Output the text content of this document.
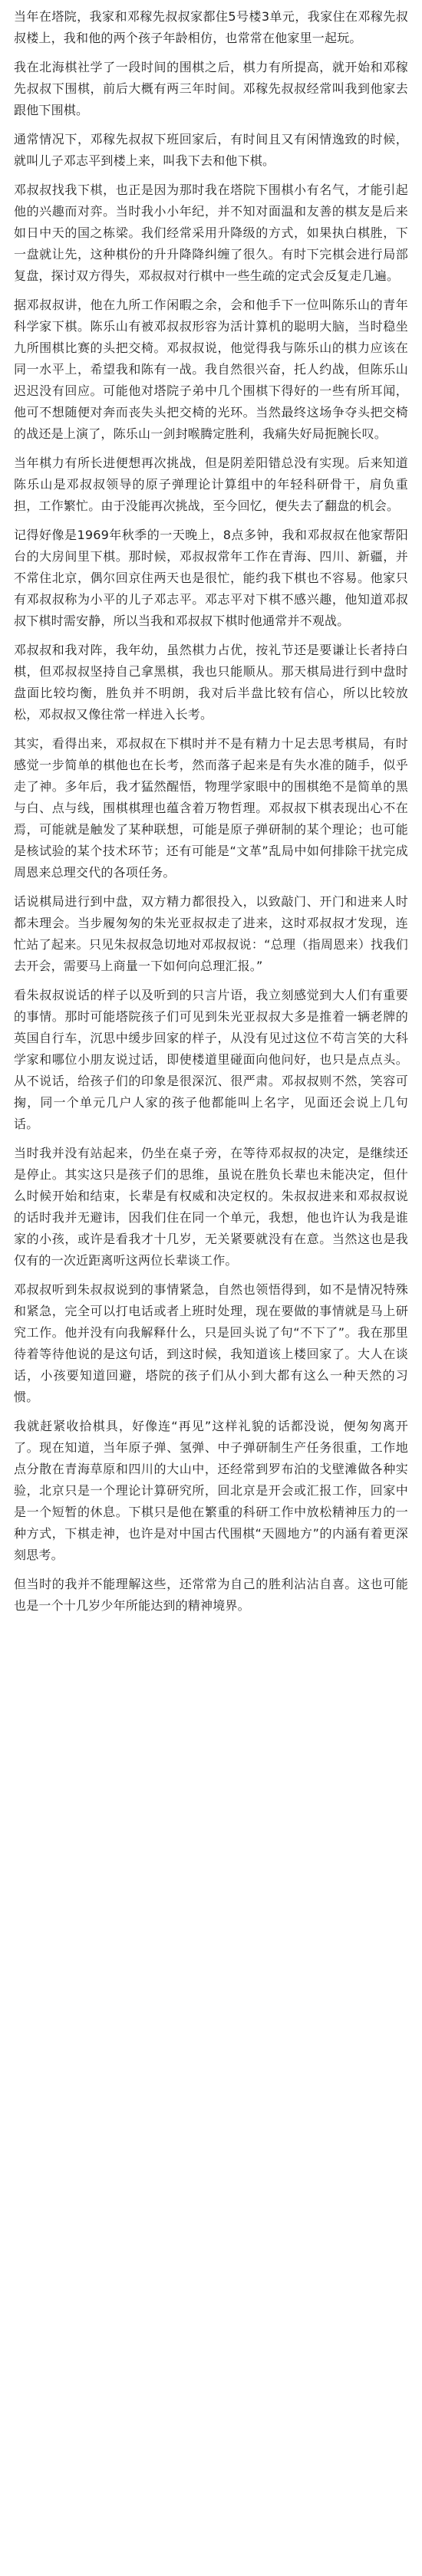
当年在塔院，我家和邓稼先叔叔家都住5号楼3单元，我家住在邓稼先叔叔楼上，我和他的两个孩子年龄相仿，也常常在他家里一起玩。

我在北海棋社学了一段时间的围棋之后，棋力有所提高，就开始和邓稼先叔叔下围棋，前后大概有两三年时间。邓稼先叔叔经常叫我到他家去跟他下围棋。

通常情况下，邓稼先叔叔下班回家后，有时间且又有闲情逸致的时候，就叫儿子邓志平到楼上来，叫我下去和他下棋。

邓叔叔找我下棋，也正是因为那时我在塔院下围棋小有名气，才能引起他的兴趣而对弈。当时我小小年纪，并不知对面温和友善的棋友是后来如日中天的国之栋梁。我们经常采用升降级的方式，如果执白棋胜，下一盘就让先，这种棋份的升升降降纠缠了很久。有时下完棋会进行局部复盘，探讨双方得失，邓叔叔对行棋中一些生疏的定式会反复走几遍。

据邓叔叔讲，他在九所工作闲暇之余，会和他手下一位叫陈乐山的青年科学家下棋。陈乐山有被邓叔叔形容为活计算机的聪明大脑，当时稳坐九所围棋比赛的头把交椅。邓叔叔说，他觉得我与陈乐山的棋力应该在同一水平上，希望我和陈有一战。我自然很兴奋，托人约战，但陈乐山迟迟没有回应。可能他对塔院子弟中几个围棋下得好的一些有所耳闻，他可不想随便对奔而丧失头把交椅的光环。当然最终这场争夺头把交椅的战还是上演了，陈乐山一剑封喉腾定胜利，我痛失好局扼腕长叹。

当年棋力有所长进便想再次挑战，但是阴差阳错总没有实现。后来知道陈乐山是邓叔叔领导的原子弹理论计算组中的年轻科研骨干，肩负重担，工作繁忙。由于没能再次挑战，至今回忆，便失去了翻盘的机会。

记得好像是1969年秋季的一天晚上，8点多钟，我和邓叔叔在他家帮阳台的大房间里下棋。那时候，邓叔叔常年工作在青海、四川、新疆，并不常住北京，偶尔回京住两天也是很忙，能约我下棋也不容易。他家只有邓叔叔称为小平的儿子邓志平。邓志平对下棋不感兴趣，他知道邓叔叔下棋时需安静，所以当我和邓叔叔下棋时他通常并不观战。

邓叔叔和我对阵，我年幼，虽然棋力占优，按礼节还是要谦让长者持白棋，但邓叔叔坚持自己拿黑棋，我也只能顺从。那天棋局进行到中盘时盘面比较均衡，胜负并不明朗，我对后半盘比较有信心，所以比较放松，邓叔叔又像往常一样进入长考。

其实，看得出来，邓叔叔在下棋时并不是有精力十足去思考棋局，有时感觉一步简单的棋他也在长考，然而落子起来是有失水准的随手，似乎走了神。多年后，我才猛然醒悟，物理学家眼中的围棋绝不是简单的黑与白、点与线，围棋棋理也蕴含着万物哲理。邓叔叔下棋表现出心不在焉，可能就是触发了某种联想，可能是原子弹研制的某个理论；也可能是核试验的某个技术环节；还有可能是“文革”乱局中如何排除干扰完成周恩来总理交代的各项任务。

话说棋局进行到中盘，双方精力都很投入，以致敲门、开门和进来人时都未理会。当步履匆匆的朱光亚叔叔走了进来，这时邓叔叔才发现，连忙站了起来。只见朱叔叔急切地对邓叔叔说：“总理（指周恩来）找我们去开会，需要马上商量一下如何向总理汇报。”

看朱叔叔说话的样子以及听到的只言片语，我立刻感觉到大人们有重要的事情。那时可能塔院孩子们可见到朱光亚叔叔大多是推着一辆老牌的英国自行车，沉思中缓步回家的样子，从没有见过这位不苟言笑的大科学家和哪位小朋友说过话，即使楼道里碰面向他问好，也只是点点头。从不说话，给孩子们的印象是很深沉、很严肃。邓叔叔则不然，笑容可掬，同一个单元几户人家的孩子他都能叫上名字，见面还会说上几句话。

当时我并没有站起来，仍坐在桌子旁，在等待邓叔叔的决定，是继续还是停止。其实这只是孩子们的思维，虽说在胜负长辈也未能决定，但什么时候开始和结束，长辈是有权威和决定权的。朱叔叔进来和邓叔叔说的话时我并无避讳，因我们住在同一个单元，我想，他也许认为我是谁家的小孩，或许是看我才十几岁，无关紧要就没有在意。当然这也是我仅有的一次近距离听这两位长辈谈工作。

邓叔叔听到朱叔叔说到的事情紧急，自然也领悟得到，如不是情况特殊和紧急，完全可以打电话或者上班时处理，现在要做的事情就是马上研究工作。他并没有向我解释什么，只是回头说了句“不下了”。我在那里待着等待他说的是这句话，到这时候，我知道该上楼回家了。大人在谈话，小孩要知道回避，塔院的孩子们从小到大都有这么一种天然的习惯。

我就赶紧收拾棋具，好像连“再见”这样礼貌的话都没说，便匆匆离开了。现在知道，当年原子弹、氢弹、中子弹研制生产任务很重，工作地点分散在青海草原和四川的大山中，还经常到罗布泊的戈壁滩做各种实验，北京只是一个理论计算研究所，回北京是开会或汇报工作，回家中是一个短暂的休息。下棋只是他在繁重的科研工作中放松精神压力的一种方式，下棋走神，也许是对中国古代围棋“天圆地方”的内涵有着更深刻思考。

但当时的我并不能理解这些，还常常为自己的胜利沾沾自喜。这也可能也是一个十几岁少年所能达到的精神境界。
